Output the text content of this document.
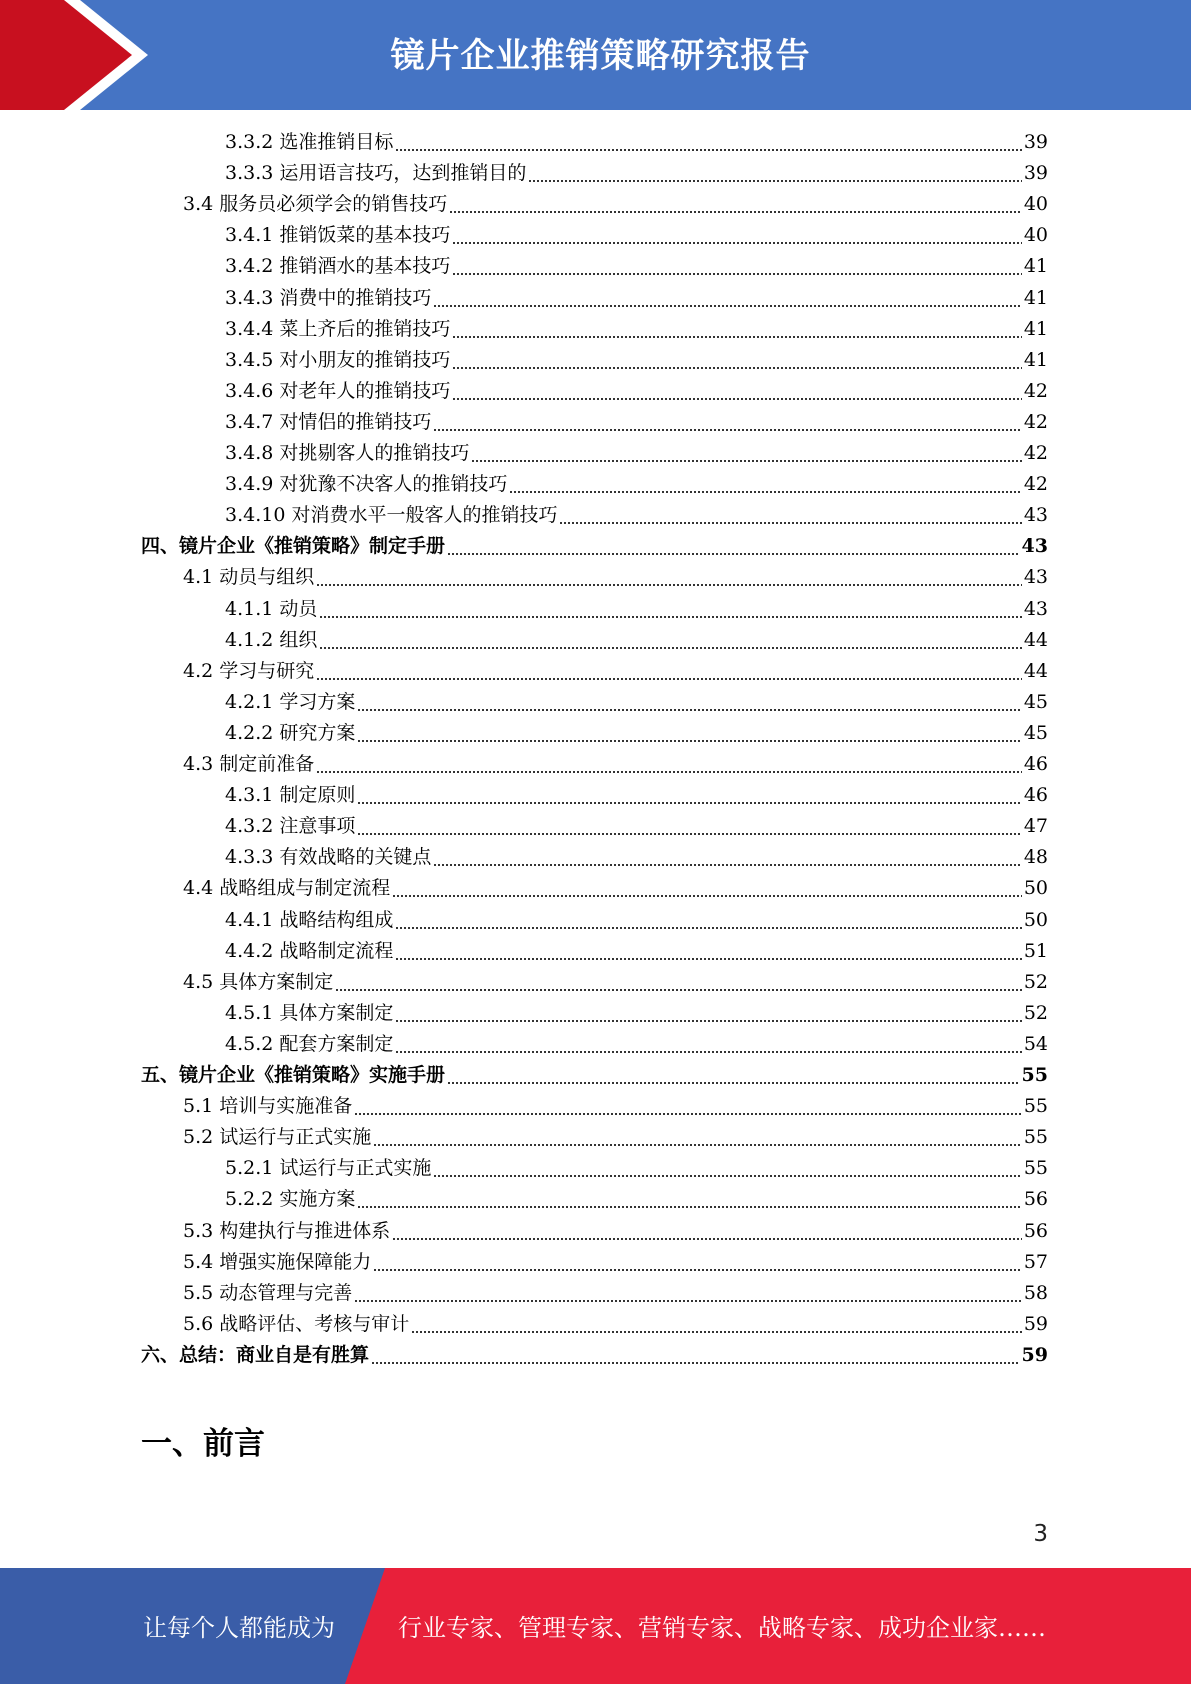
镜片企业推销策略研究报告
3.3.2 选准推销目标	39
3.3.3 运用语言技巧，达到推销目的	39
3.4 服务员必须学会的销售技巧	40
3.4.1 推销饭菜的基本技巧	40
3.4.2 推销酒水的基本技巧	41
3.4.3 消费中的推销技巧	41
3.4.4 菜上齐后的推销技巧	41
3.4.5 对小朋友的推销技巧	41
3.4.6 对老年人的推销技巧	42
3.4.7 对情侣的推销技巧	42
3.4.8 对挑剔客人的推销技巧	42
3.4.9 对犹豫不决客人的推销技巧	42
3.4.10 对消费水平一般客人的推销技巧	43
四、镜片企业《推销策略》制定手册	43
4.1 动员与组织	43
4.1.1 动员	43
4.1.2 组织	44
4.2 学习与研究	44
4.2.1 学习方案	45
4.2.2 研究方案	45
4.3 制定前准备	46
4.3.1 制定原则	46
4.3.2 注意事项	47
4.3.3 有效战略的关键点	48
4.4 战略组成与制定流程	50
4.4.1 战略结构组成	50
4.4.2 战略制定流程	51
4.5 具体方案制定	52
4.5.1 具体方案制定	52
4.5.2 配套方案制定	54
五、镜片企业《推销策略》实施手册	55
5.1 培训与实施准备	55
5.2 试运行与正式实施	55
5.2.1 试运行与正式实施	55
5.2.2 实施方案	56
5.3 构建执行与推进体系	56
5.4 增强实施保障能力	57
5.5 动态管理与完善	58
5.6 战略评估、考核与审计	59
六、总结：商业自是有胜算	59
一、前言
3
让每个人都能成为	行业专家、管理专家、营销专家、战略专家、成功企业家……
